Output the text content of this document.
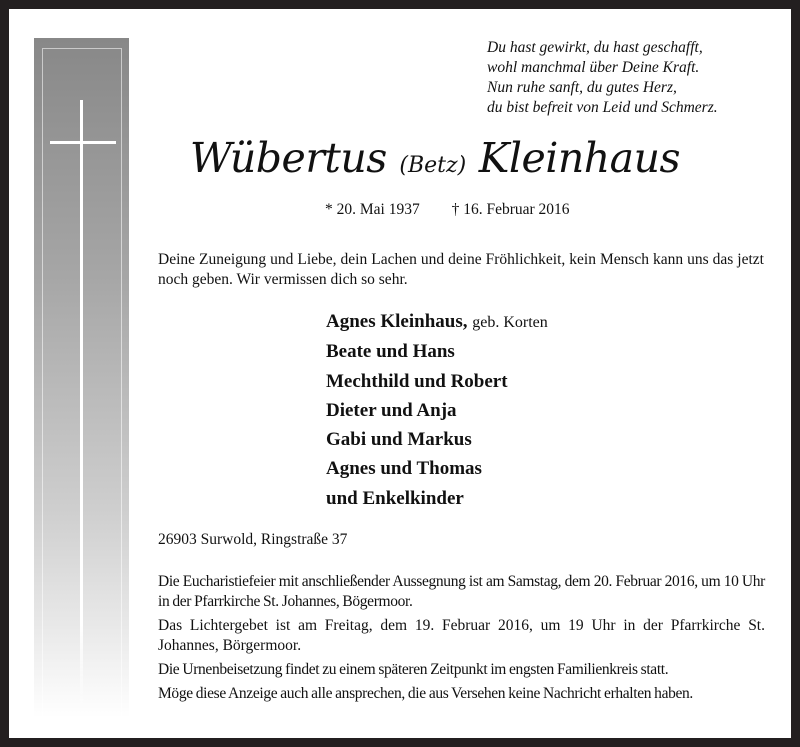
Du hast gewirkt, du hast geschafft,
wohl manchmal über Deine Kraft.
Nun ruhe sanft, du gutes Herz,
du bist befreit von Leid und Schmerz.
Wübertus (Betz) Kleinhaus
* 20. Mai 1937 † 16. Februar 2016
Deine Zuneigung und Liebe, dein Lachen und deine Fröhlichkeit, kein Mensch kann uns das jetzt noch geben. Wir vermissen dich so sehr.
Agnes Kleinhaus, geb. Korten
Beate und Hans
Mechthild und Robert
Dieter und Anja
Gabi und Markus
Agnes und Thomas
und Enkelkinder
26903 Surwold, Ringstraße 37

Die Eucharistiefeier mit anschließender Aussegnung ist am Samstag, dem 20. Februar 2016, um 10 Uhr in der Pfarrkirche St. Johannes, Bögermoor.

Das Lichtergebet ist am Freitag, dem 19. Februar 2016, um 19 Uhr in der Pfarrkirche St. Johannes, Börgermoor.

Die Urnenbeisetzung findet zu einem späteren Zeitpunkt im engsten Familienkreis statt.

Möge diese Anzeige auch alle ansprechen, die aus Versehen keine Nachricht erhalten haben.
